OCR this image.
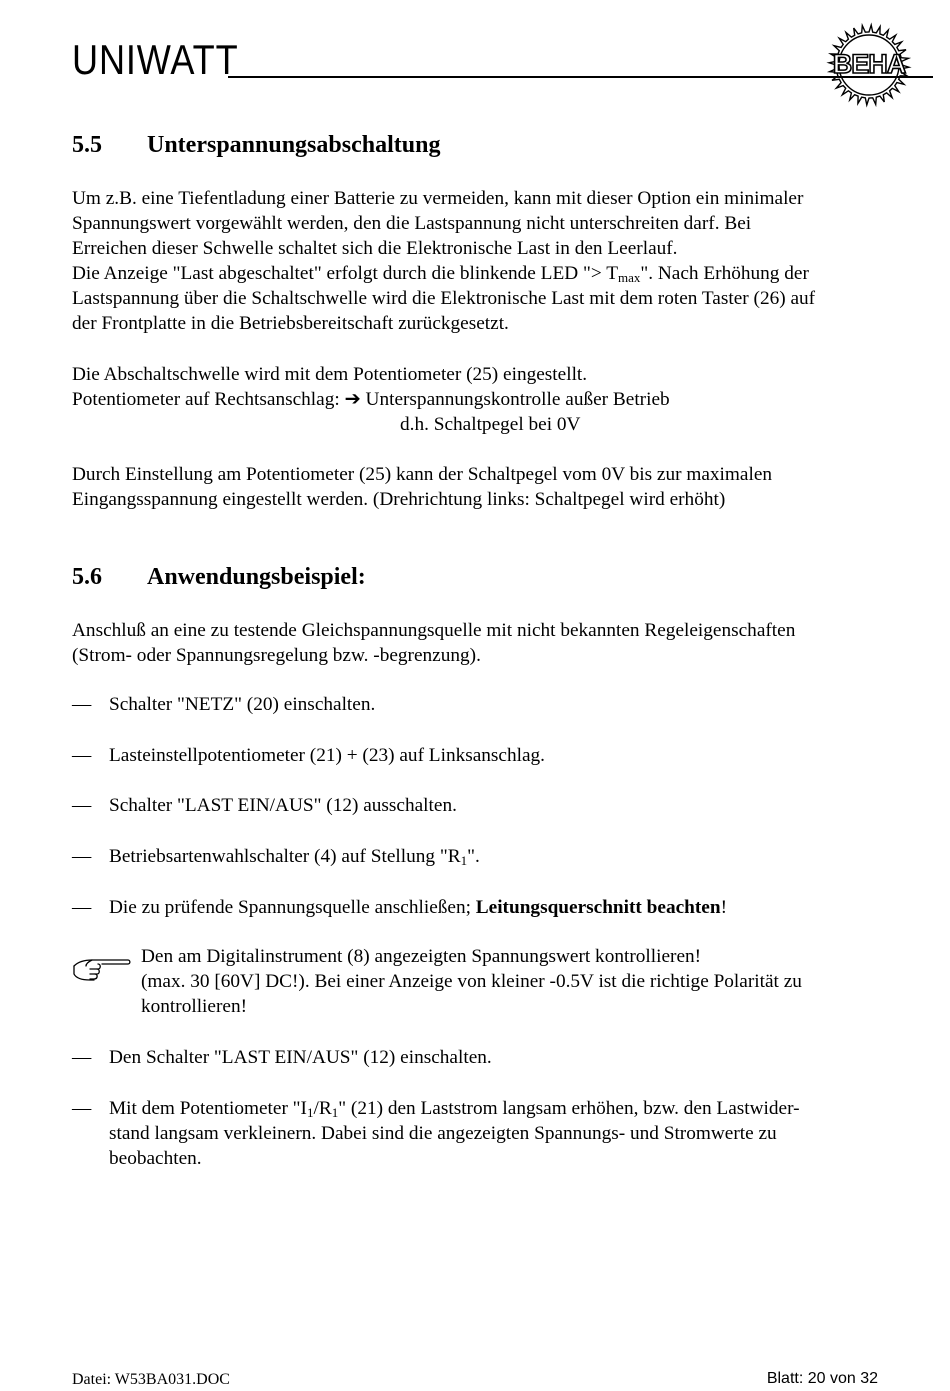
UNIWATT	BEHA
5.5 Unterspannungsabschaltung
Um z.B. eine Tiefentladung einer Batterie zu vermeiden, kann mit dieser Option ein minimaler
Spannungswert vorgewählt werden, den die Lastspannung nicht unterschreiten darf. Bei
Erreichen dieser Schwelle schaltet sich die Elektronische Last in den Leerlauf.
Die Anzeige "Last abgeschaltet" erfolgt durch die blinkende LED "> $T_{max}$". Nach Erhöhung der
Lastspannung über die Schaltschwelle wird die Elektronische Last mit dem roten Taster (26) auf
der Frontplatte in die Betriebsbereitschaft zurückgesetzt.
Die Abschaltschwelle wird mit dem Potentiometer (25) eingestellt.
Potentiometer auf Rechtsanschlag: ➔ Unterspannungskontrolle außer Betrieb
d.h. Schaltpegel bei 0V
Durch Einstellung am Potentiometer (25) kann der Schaltpegel vom 0V bis zur maximalen
Eingangsspannung eingestellt werden. (Drehrichtung links: Schaltpegel wird erhöht)
5.6 Anwendungsbeispiel:
Anschluß an eine zu testende Gleichspannungsquelle mit nicht bekannten Regeleigenschaften
(Strom- oder Spannungsregelung bzw. -begrenzung).
— Schalter "NETZ" (20) einschalten.
— Lasteinstellpotentiometer (21) + (23) auf Linksanschlag.
— Schalter "LAST EIN/AUS" (12) ausschalten.
— Betriebsartenwahlschalter (4) auf Stellung "$R_1$".
— Die zu prüfende Spannungsquelle anschließen; Leitungsquerschnitt beachten!
Den am Digitalinstrument (8) angezeigten Spannungswert kontrollieren!
(max. 30 [60V] DC!). Bei einer Anzeige von kleiner -0.5V ist die richtige Polarität zu
kontrollieren!
— Den Schalter "LAST EIN/AUS" (12) einschalten.
— Mit dem Potentiometer "$I_1/R_1$" (21) den Laststrom langsam erhöhen, bzw. den Lastwider-
stand langsam verkleinern. Dabei sind die angezeigten Spannungs- und Stromwerte zu
beobachten.
Datei: W53BA031.DOC	Blatt: 20 von 32
